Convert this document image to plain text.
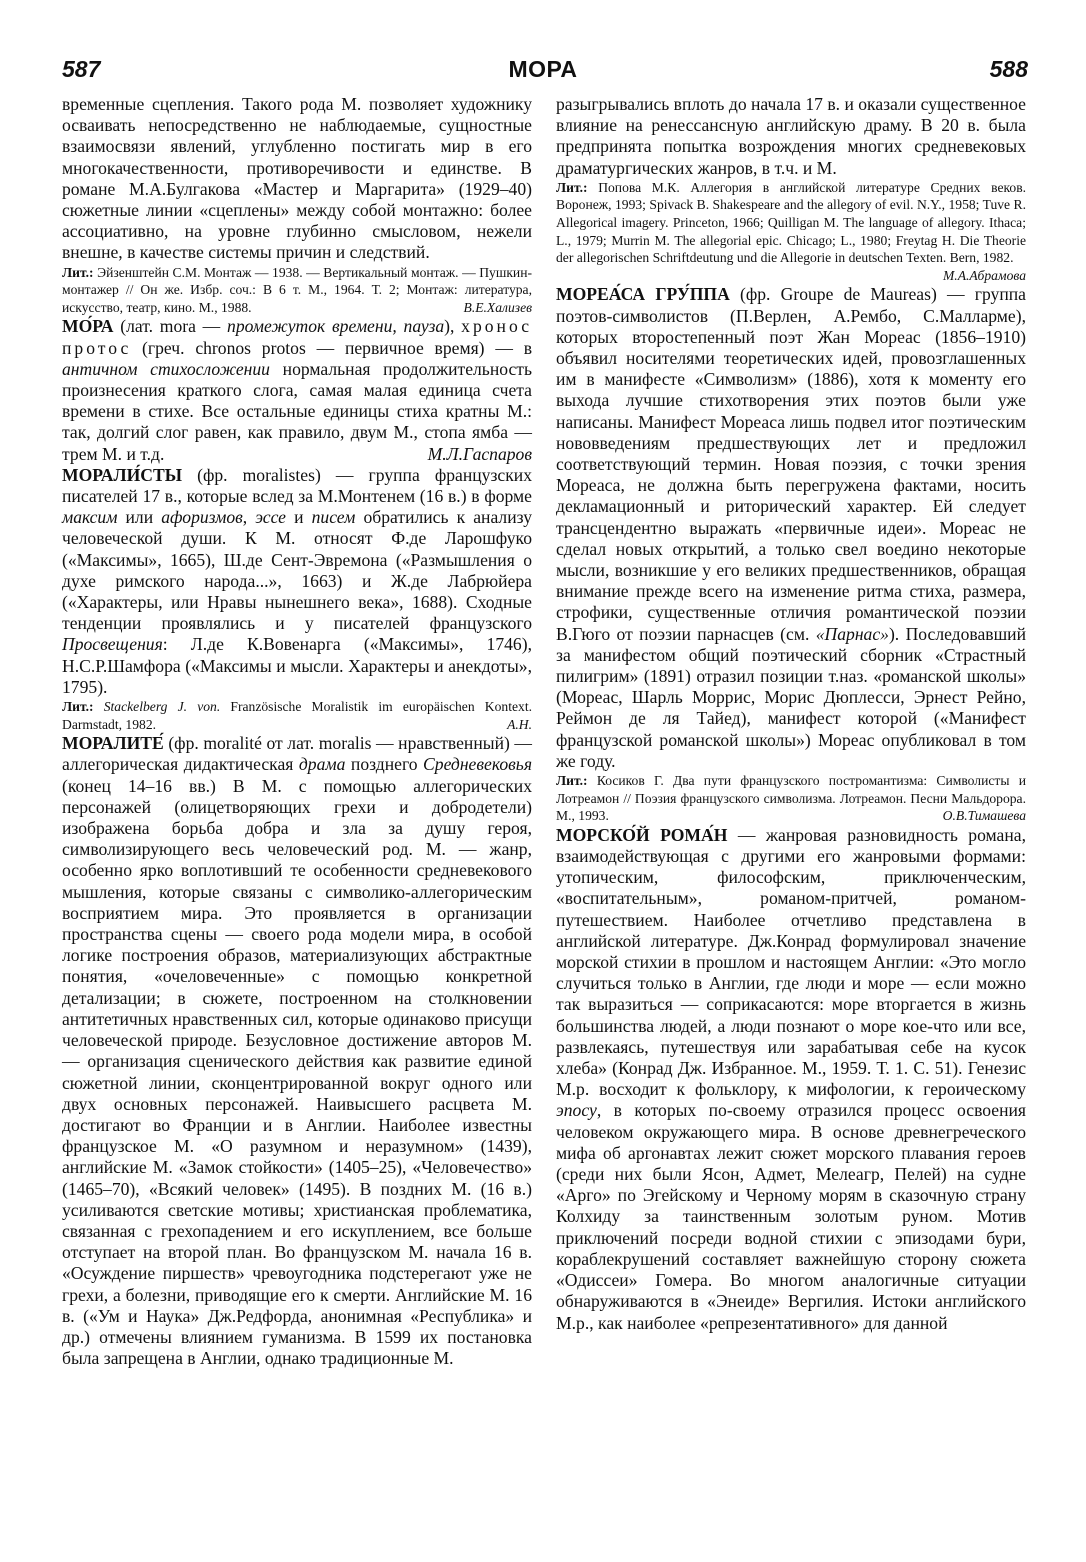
587	МОРА	588

временные сцепления. Такого рода М. позволяет художнику осваивать непосредственно не наблюдаемые, сущностные взаимосвязи явлений, углубленно постигать мир в его многокачественности, противоречивости и единстве. В романе М.А.Булгакова «Мастер и Маргарита» (1929–40) сюжетные линии «сцеплены» между собой монтажно: более ассоциативно, на уровне глубинно смысловом, нежели внешне, в качестве системы причин и следствий.

Лит.: Эйзенштейн С.М. Монтаж — 1938. — Вертикальный монтаж. — Пушкин-монтажер // Он же. Избр. соч.: В 6 т. М., 1964. Т. 2; Монтаж: литература, искусство, театр, кино. М., 1988.	В.Е.Хализев

МО́РА (лат. mora — промежуток времени, пауза), хронос протос (греч. chronos protos — первичное время) — в античном стихосложении нормальная продолжительность произнесения краткого слога, самая малая единица счета времени в стихе. Все остальные единицы стиха кратны М.: так, долгий слог равен, как правило, двум М., стопа ямба — трем М. и т.д.	М.Л.Гаспаров

МОРАЛИ́СТЫ (фр. moralistes) — группа французских писателей 17 в., которые вслед за М.Монтенем (16 в.) в форме максим или афоризмов, эссе и писем обратились к анализу человеческой души. К М. относят Ф.де Ларошфуко («Максимы», 1665), Ш.де Сент-Эвремона («Размышления о духе римского народа...», 1663) и Ж.де Лабрюйера («Характеры, или Нравы нынешнего века», 1688). Сходные тенденции проявлялись и у писателей французского Просвещения: Л.де К.Вовенарга («Максимы», 1746), Н.С.Р.Шамфора («Максимы и мысли. Характеры и анекдоты», 1795).

Лит.: Stackelberg J. von. Französische Moralistik im europäischen Kontext. Darmstadt, 1982.	А.Н.

МОРАЛИТЕ́ (фр. moralité от лат. moralis — нравственный) — аллегорическая дидактическая драма позднего Средневековья (конец 14–16 вв.) В М. с помощью аллегорических персонажей (олицетворяющих грехи и добродетели) изображена борьба добра и зла за душу героя, символизирующего весь человеческий род. М. — жанр, особенно ярко воплотивший те особенности средневекового мышления, которые связаны с символико-аллегорическим восприятием мира. Это проявляется в организации пространства сцены — своего рода модели мира, в особой логике построения образов, материализующих абстрактные понятия, «очеловеченные» с помощью конкретной детализации; в сюжете, построенном на столкновении антитетичных нравственных сил, которые одинаково присущи человеческой природе. Безусловное достижение авторов М. — организация сценического действия как развитие единой сюжетной линии, сконцентрированной вокруг одного или двух основных персонажей. Наивысшего расцвета М. достигают во Франции и в Англии. Наиболее известны французское М. «О разумном и неразумном» (1439), английские М. «Замок стойкости» (1405–25), «Человечество» (1465–70), «Всякий человек» (1495). В поздних М. (16 в.) усиливаются светские мотивы; христианская проблематика, связанная с грехопадением и его искуплением, все больше отступает на второй план. Во французском М. начала 16 в. «Осуждение пиршеств» чревоугодника подстерегают уже не грехи, а болезни, приводящие его к смерти. Английские М. 16 в. («Ум и Наука» Дж.Редфорда, анонимная «Республика» и др.) отмечены влиянием гуманизма. В 1599 их постановка была запрещена в Англии, однако традиционные М.

разыгрывались вплоть до начала 17 в. и оказали существенное влияние на ренессансную английскую драму. В 20 в. была предпринята попытка возрождения многих средневековых драматургических жанров, в т.ч. и М.

Лит.: Попова М.К. Аллегория в английской литературе Средних веков. Воронеж, 1993; Spivack B. Shakespeare and the allegory of evil. N.Y., 1958; Tuve R. Allegorical imagery. Princeton, 1966; Quilligan M. The language of allegory. Ithaca; L., 1979; Murrin M. The allegorial epic. Chicago; L., 1980; Freytag H. Die Theorie der allegorischen Schriftdeutung und die Allegorie in deutschen Texten. Bern, 1982.
М.А.Абрамова

МОРЕА́СА ГРУ́ППА (фр. Groupe de Maureas) — группа поэтов-символистов (П.Верлен, А.Рембо, С.Малларме), которых второстепенный поэт Жан Мореас (1856–1910) объявил носителями теоретических идей, провозглашенных им в манифесте «Символизм» (1886), хотя к моменту его выхода лучшие стихотворения этих поэтов были уже написаны. Манифест Мореаса лишь подвел итог поэтическим нововведениям предшествующих лет и предложил соответствующий термин. Новая поэзия, с точки зрения Мореаса, не должна быть перегружена фактами, носить декламационный и риторический характер. Ей следует трансцендентно выражать «первичные идеи». Мореас не сделал новых открытий, а только свел воедино некоторые мысли, возникшие у его великих предшественников, обращая внимание прежде всего на изменение ритма стиха, размера, строфики, существенные отличия романтической поэзии В.Гюго от поэзии парнасцев (см. «Парнас»). Последовавший за манифестом общий поэтический сборник «Страстный пилигрим» (1891) отразил позиции т.наз. «романской школы» (Мореас, Шарль Моррис, Морис Дюплесси, Эрнест Рейно, Реймон де ля Тайед), манифест которой («Манифест французской романской школы») Мореас опубликовал в том же году.

Лит.: Косиков Г. Два пути французского постромантизма: Символисты и Лотреамон // Поэзия французского символизма. Лотреамон. Песни Мальдорора. М., 1993.	О.В.Тимашева

МОРСКО́Й РОМА́Н — жанровая разновидность романа, взаимодействующая с другими его жанровыми формами: утопическим, философским, приключенческим, «воспитательным», романом-притчей, романом-путешествием. Наиболее отчетливо представлена в английской литературе. Дж.Конрад формулировал значение морской стихии в прошлом и настоящем Англии: «Это могло случиться только в Англии, где люди и море — если можно так выразиться — соприкасаются: море вторгается в жизнь большинства людей, а люди познают о море кое-что или все, развлекаясь, путешествуя или зарабатывая себе на кусок хлеба» (Конрад Дж. Избранное. М., 1959. Т. 1. С. 51). Генезис М.р. восходит к фольклору, к мифологии, к героическому эпосу, в которых по-своему отразился процесс освоения человеком окружающего мира. В основе древнегреческого мифа об аргонавтах лежит сюжет морского плавания героев (среди них были Ясон, Адмет, Мелеагр, Пелей) на судне «Арго» по Эгейскому и Черному морям в сказочную страну Колхиду за таинственным золотым руном. Мотив приключений посреди водной стихии с эпизодами бури, кораблекрушений составляет важнейшую сторону сюжета «Одиссеи» Гомера. Во многом аналогичные ситуации обнаруживаются в «Энеиде» Вергилия. Истоки английского М.р., как наиболее «репрезентативного» для данной
